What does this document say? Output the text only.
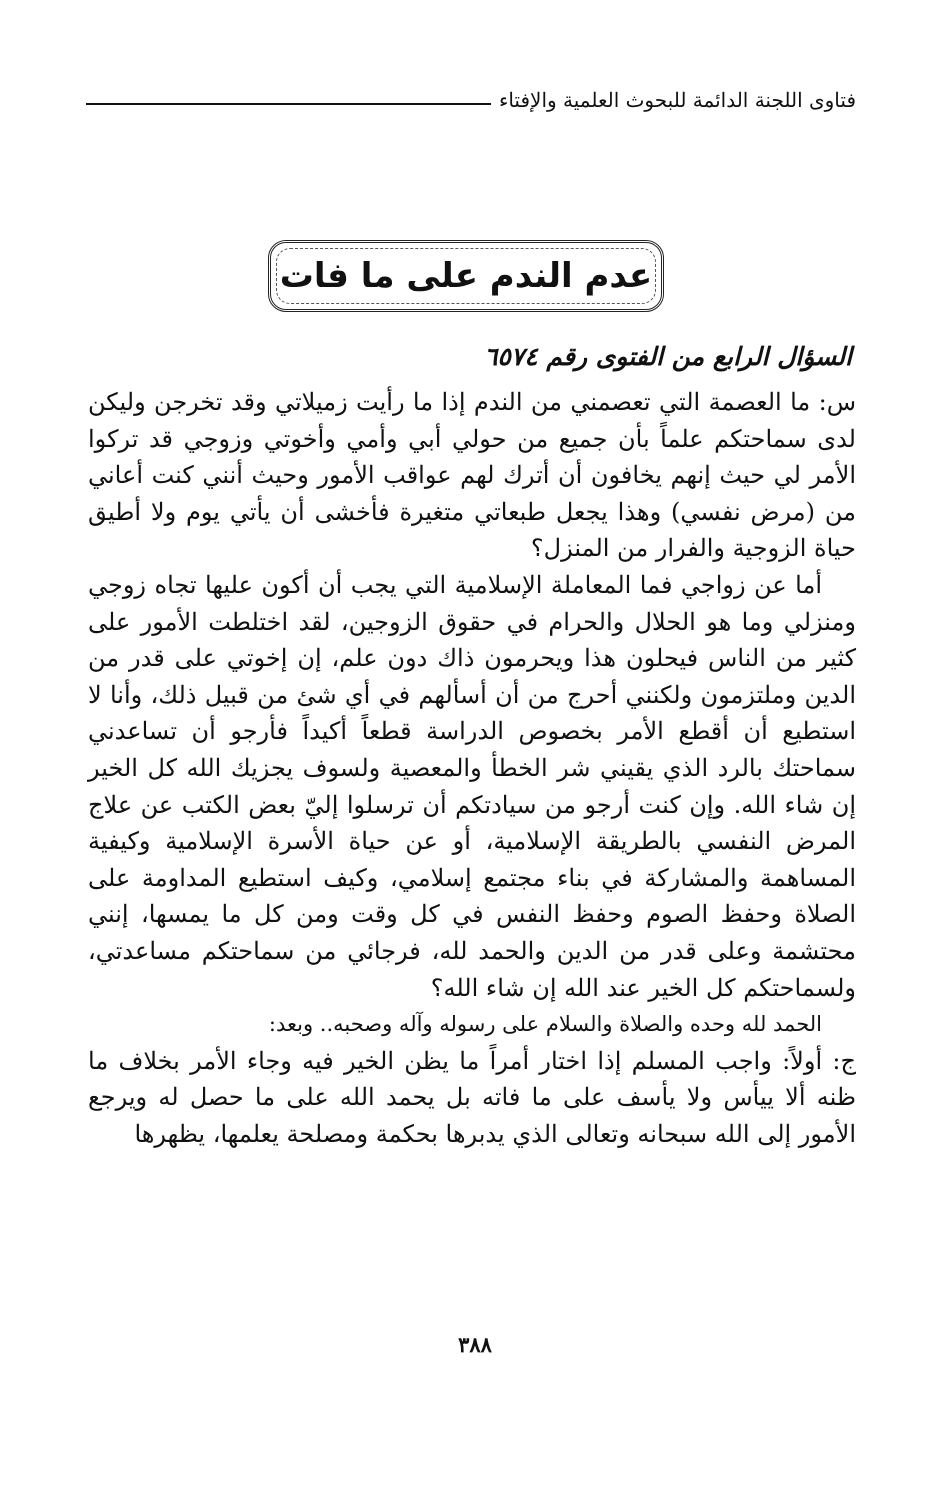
فتاوى اللجنة الدائمة للبحوث العلمية والإفتاء
عدم الندم على ما فات
السؤال الرابع من الفتوى رقم ٦٥٧٤

س: ما العصمة التي تعصمني من الندم إذا ما رأيت زميلاتي وقد تخرجن وليكن لدى سماحتكم علماً بأن جميع من حولي أبي وأمي وأخوتي وزوجي قد تركوا الأمر لي حيث إنهم يخافون أن أترك لهم عواقب الأمور وحيث أنني كنت أعاني من (مرض نفسي) وهذا يجعل طبعاتي متغيرة فأخشى أن يأتي يوم ولا أطيق حياة الزوجية والفرار من المنزل؟

أما عن زواجي فما المعاملة الإسلامية التي يجب أن أكون عليها تجاه زوجي ومنزلي وما هو الحلال والحرام في حقوق الزوجين، لقد اختلطت الأمور على كثير من الناس فيحلون هذا ويحرمون ذاك دون علم، إن إخوتي على قدر من الدين وملتزمون ولكنني أحرج من أن أسألهم في أي شئ من قبيل ذلك، وأنا لا استطيع أن أقطع الأمر بخصوص الدراسة قطعاً أكيداً فأرجو أن تساعدني سماحتك بالرد الذي يقيني شر الخطأ والمعصية ولسوف يجزيك الله كل الخير إن شاء الله. وإن كنت أرجو من سيادتكم أن ترسلوا إليّ بعض الكتب عن علاج المرض النفسي بالطريقة الإسلامية، أو عن حياة الأسرة الإسلامية وكيفية المساهمة والمشاركة في بناء مجتمع إسلامي، وكيف استطيع المداومة على الصلاة وحفظ الصوم وحفظ النفس في كل وقت ومن كل ما يمسها، إنني محتشمة وعلى قدر من الدين والحمد لله، فرجائي من سماحتكم مساعدتي، ولسماحتكم كل الخير عند الله إن شاء الله؟

الحمد لله وحده والصلاة والسلام على رسوله وآله وصحبه.. وبعد:

ج: أولاً: واجب المسلم إذا اختار أمراً ما يظن الخير فيه وجاء الأمر بخلاف ما ظنه ألا ييأس ولا يأسف على ما فاته بل يحمد الله على ما حصل له ويرجع الأمور إلى الله سبحانه وتعالى الذي يدبرها بحكمة ومصلحة يعلمها، يظهرها

٣٨٨
